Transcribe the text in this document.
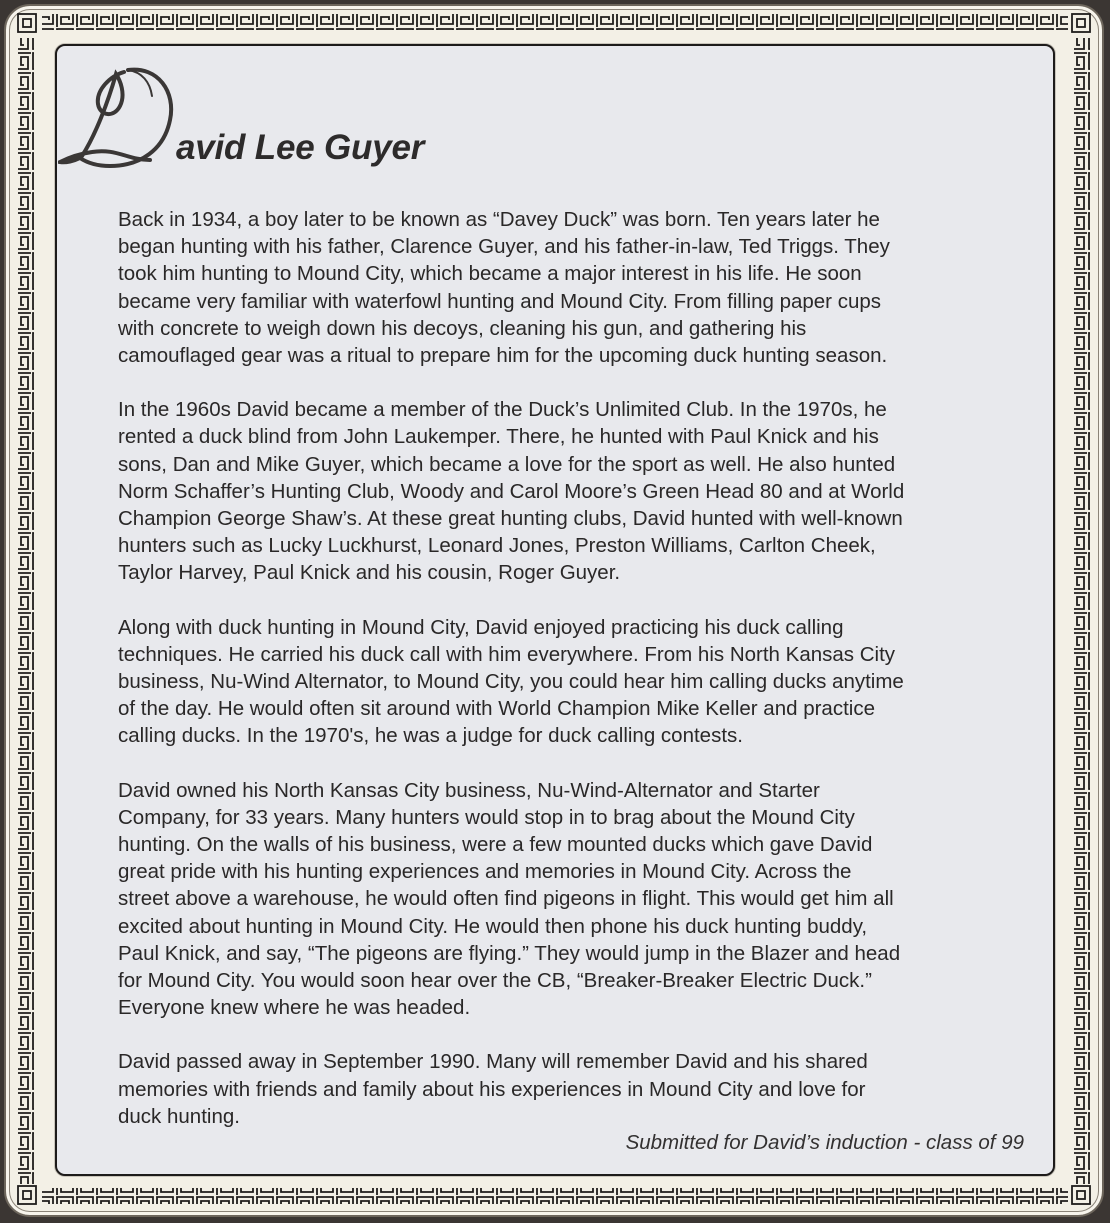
avid Lee Guyer
Back in 1934, a boy later to be known as “Davey Duck” was born. Ten years later he
began hunting with his father, Clarence Guyer, and his father-in-law, Ted Triggs. They
took him hunting to Mound City, which became a major interest in his life. He soon
became very familiar with waterfowl hunting and Mound City. From filling paper cups
with concrete to weigh down his decoys, cleaning his gun, and gathering his
camouflaged gear was a ritual to prepare him for the upcoming duck hunting season.
In the 1960s David became a member of the Duck’s Unlimited Club. In the 1970s, he
rented a duck blind from John Laukemper. There, he hunted with Paul Knick and his
sons, Dan and Mike Guyer, which became a love for the sport as well. He also hunted
Norm Schaffer’s Hunting Club, Woody and Carol Moore’s Green Head 80 and at World
Champion George Shaw’s. At these great hunting clubs, David hunted with well-known
hunters such as Lucky Luckhurst, Leonard Jones, Preston Williams, Carlton Cheek,
Taylor Harvey, Paul Knick and his cousin, Roger Guyer.
Along with duck hunting in Mound City, David enjoyed practicing his duck calling
techniques. He carried his duck call with him everywhere. From his North Kansas City
business, Nu-Wind Alternator, to Mound City, you could hear him calling ducks anytime
of the day. He would often sit around with World Champion Mike Keller and practice
calling ducks. In the 1970's, he was a judge for duck calling contests.
David owned his North Kansas City business, Nu-Wind-Alternator and Starter
Company, for 33 years. Many hunters would stop in to brag about the Mound City
hunting. On the walls of his business, were a few mounted ducks which gave David
great pride with his hunting experiences and memories in Mound City. Across the
street above a warehouse, he would often find pigeons in flight. This would get him all
excited about hunting in Mound City. He would then phone his duck hunting buddy,
Paul Knick, and say, “The pigeons are flying.” They would jump in the Blazer and head
for Mound City. You would soon hear over the CB, “Breaker-Breaker Electric Duck.”
Everyone knew where he was headed.
David passed away in September 1990. Many will remember David and his shared
memories with friends and family about his experiences in Mound City and love for
duck hunting.
Submitted for David’s induction - class of 99
